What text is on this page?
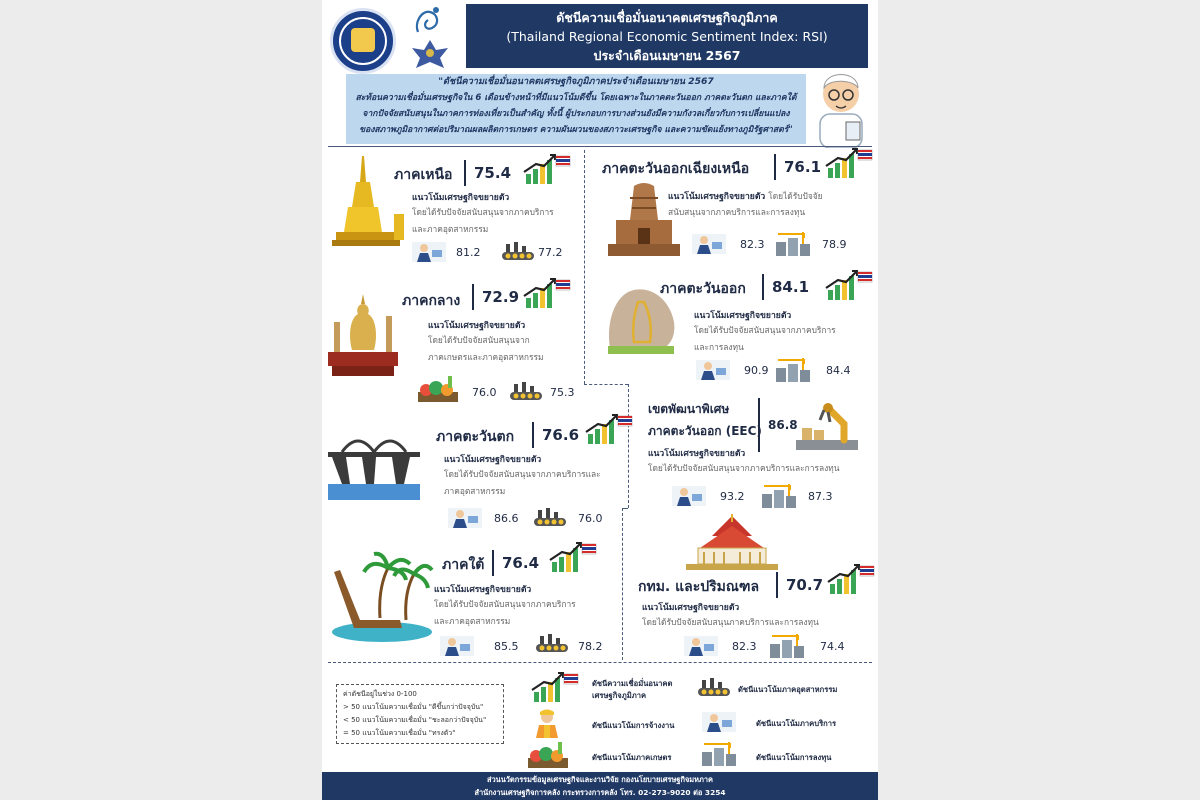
ดัชนีความเชื่อมั่นอนาคตเศรษฐกิจภูมิภาค
(Thailand Regional Economic Sentiment Index: RSI)
ประจำเดือนเมษายน 2567

"ดัชนีความเชื่อมั่นอนาคตเศรษฐกิจภูมิภาคประจำเดือนเมษายน 2567

สะท้อนความเชื่อมั่นเศรษฐกิจใน 6 เดือนข้างหน้าที่มีแนวโน้มดีขึ้น โดยเฉพาะในภาคตะวันออก ภาคตะวันตก และภาคใต้

จากปัจจัยสนับสนุนในภาคการท่องเที่ยวเป็นสำคัญ ทั้งนี้ ผู้ประกอบการบางส่วนยังมีความกังวลเกี่ยวกับการเปลี่ยนแปลง

ของสภาพภูมิอากาศต่อปริมาณผลผลิตการเกษตร ความผันผวนของสภาวะเศรษฐกิจ และความขัดแย้งทางภูมิรัฐศาสตร์"

ภาคเหนือ	75.4
แนวโน้มเศรษฐกิจขยายตัว
โดยได้รับปัจจัยสนับสนุนจากภาคบริการ
และภาคอุตสาหกรรม
81.2	77.2
ภาคกลาง	72.9
แนวโน้มเศรษฐกิจขยายตัว
โดยได้รับปัจจัยสนับสนุนจาก
ภาคเกษตรและภาคอุตสาหกรรม
76.0	75.3
ภาคตะวันตก	76.6
แนวโน้มเศรษฐกิจขยายตัว
โดยได้รับปัจจัยสนับสนุนจากภาคบริการและ
ภาคอุตสาหกรรม
86.6	76.0
ภาคใต้	76.4
แนวโน้มเศรษฐกิจขยายตัว
โดยได้รับปัจจัยสนับสนุนจากภาคบริการ
และภาคอุตสาหกรรม
85.5	78.2
ภาคตะวันออกเฉียงเหนือ	76.1
แนวโน้มเศรษฐกิจขยายตัว โดยได้รับปัจจัย
สนับสนุนจากภาคบริการและการลงทุน
82.3	78.9
ภาคตะวันออก	84.1
แนวโน้มเศรษฐกิจขยายตัว
โดยได้รับปัจจัยสนับสนุนจากภาคบริการ
และการลงทุน
90.9	84.4
เขตพัฒนาพิเศษ
ภาคตะวันออก (EEC) 86.8
แนวโน้มเศรษฐกิจขยายตัว
โดยได้รับปัจจัยสนับสนุนจากภาคบริการและการลงทุน
93.2	87.3
กทม. และปริมณฑล	70.7
แนวโน้มเศรษฐกิจขยายตัว
โดยได้รับปัจจัยสนับสนุนภาคบริการและการลงทุน
82.3	74.4
ค่าดัชนีอยู่ในช่วง 0-100
> 50 แนวโน้มความเชื่อมั่น "ดีขึ้นกว่าปัจจุบัน"
< 50 แนวโน้มความเชื่อมั่น "ชะลอกว่าปัจจุบัน"
= 50 แนวโน้มความเชื่อมั่น "ทรงตัว"
ดัชนีความเชื่อมั่นอนาคต
เศรษฐกิจภูมิภาค
ดัชนีแนวโน้มภาคอุตสาหกรรม
ดัชนีแนวโน้มการจ้างงาน	ดัชนีแนวโน้มภาคบริการ
ดัชนีแนวโน้มภาคเกษตร	ดัชนีแนวโน้มการลงทุน
ส่วนนวัตกรรมข้อมูลเศรษฐกิจและงานวิจัย กองนโยบายเศรษฐกิจมหภาค
สำนักงานเศรษฐกิจการคลัง กระทรวงการคลัง โทร. 02-273-9020 ต่อ 3254
